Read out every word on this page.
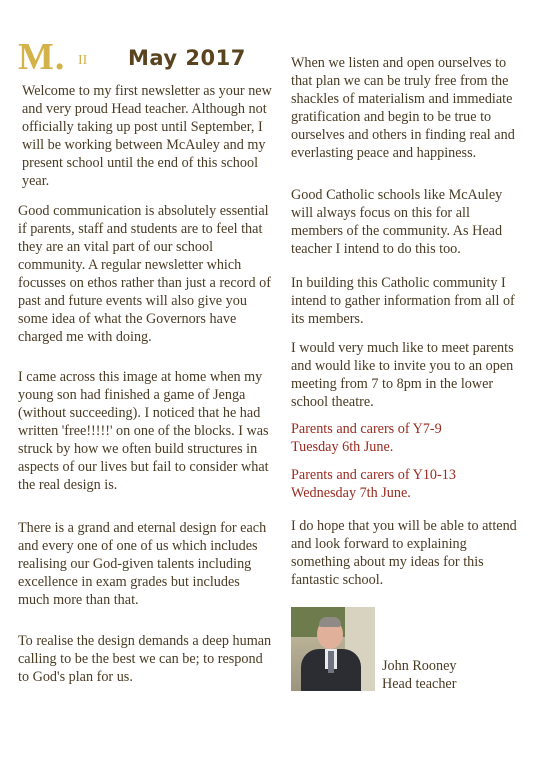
M. II May 2017

Welcome to my first newsletter as your new and very proud Head teacher. Although not officially taking up post until September, I will be working between McAuley and my present school until the end of this school year.

Good communication is absolutely essential if parents, staff and students are to feel that they are an vital part of our school community. A regular newsletter which focusses on ethos rather than just a record of past and future events will also give you some idea of what the Governors have charged me with doing.

I came across this image at home when my young son had finished a game of Jenga (without succeeding). I noticed that he had written 'free!!!!!' on one of the blocks. I was struck by how we often build structures in aspects of our lives but fail to consider what the real design is.

There is a grand and eternal design for each and every one of one of us which includes realising our God-given talents including excellence in exam grades but includes much more than that.

To realise the design demands a deep human calling to be the best we can be; to respond to God's plan for us.

When we listen and open ourselves to that plan we can be truly free from the shackles of materialism and immediate gratification and begin to be true to ourselves and others in finding real and everlasting peace and happiness.

Good Catholic schools like McAuley will always focus on this for all members of the community. As Head teacher I intend to do this too.

In building this Catholic community I intend to gather information from all of its members.

I would very much like to meet parents and would like to invite you to an open meeting from 7 to 8pm in the lower school theatre.

Parents and carers of Y7-9

Tuesday 6th June.

Parents and carers of Y10-13

Wednesday 7th June.

I do hope that you will be able to attend and look forward to explaining something about my ideas for this fantastic school.

John Rooney
Head teacher
